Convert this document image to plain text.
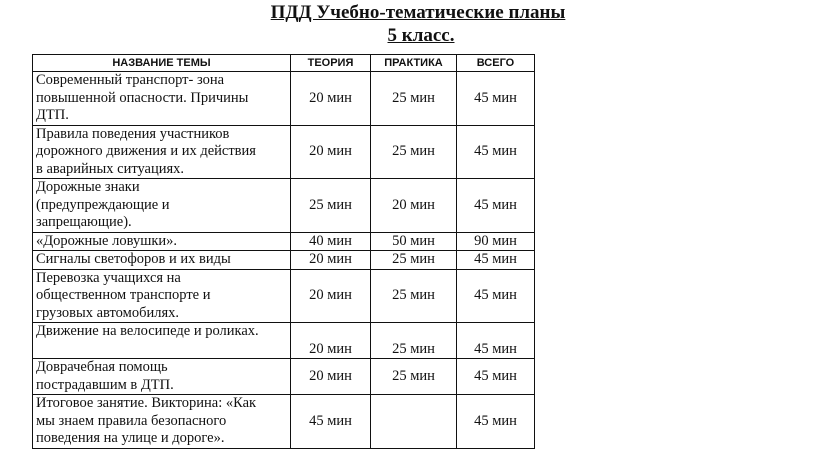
ПДД Учебно-тематические планы
5 класс.
НАЗВАНИЕ ТЕМЫ	ТЕОРИЯ	ПРАКТИКА	ВСЕГО

Современный транспорт- зона
повышенной опасности. Причины
ДТП.	20 мин	25 мин	45 мин

Правила поведения участников
дорожного движения и их действия
в аварийных ситуациях.	20 мин	25 мин	45 мин

Дорожные знаки
(предупреждающие и
запрещающие).	25 мин	20 мин	45 мин

«Дорожные ловушки».	40 мин	50 мин	90 мин

Сигналы светофоров и их виды	20 мин	25 мин	45 мин

Перевозка учащихся на
общественном транспорте и
грузовых автомобилях.	20 мин	25 мин	45 мин

Движение на велосипеде и роликах.	20 мин	25 мин	45 мин

Доврачебная помощь
пострадавшим в ДТП.	20 мин	25 мин	45 мин

Итоговое занятие. Викторина: «Как
мы знаем правила безопасного
поведения на улице и дороге».	45 мин		45 мин
